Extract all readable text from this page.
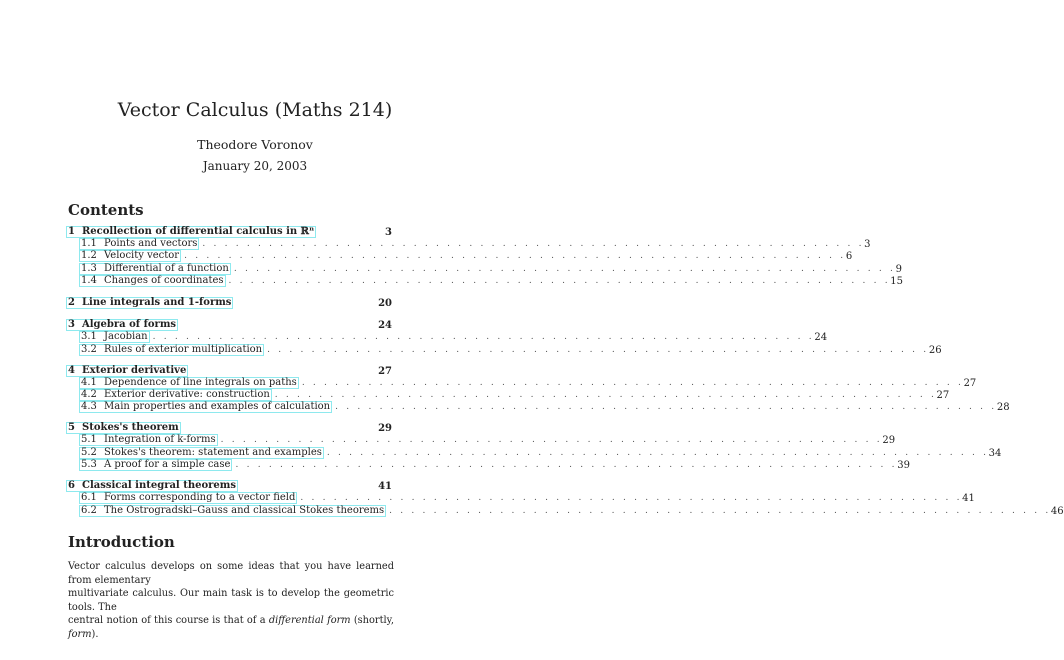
Vector Calculus (Maths 214)
Theodore Voronov
January 20, 2003
Contents
1 Recollection of differential calculus in ℝⁿ	3
1.1 Points and vectors . . . . . . . . . . . . . . . . . . . . . . . . . . . . . . . . . . . . . . . . . . . . . . . . . . . . . . . . . . . . 3
1.2 Velocity vector . . . . . . . . . . . . . . . . . . . . . . . . . . . . . . . . . . . . . . . . . . . . . . . . . . . . . . . . . . . . 6
1.3 Differential of a function . . . . . . . . . . . . . . . . . . . . . . . . . . . . . . . . . . . . . . . . . . . . . . . . . . . . . . . . . . . . 9
1.4 Changes of coordinates . . . . . . . . . . . . . . . . . . . . . . . . . . . . . . . . . . . . . . . . . . . . . . . . . . . . . . . . . . . . 15
2 Line integrals and 1-forms	20
3 Algebra of forms	24
3.1 Jacobian . . . . . . . . . . . . . . . . . . . . . . . . . . . . . . . . . . . . . . . . . . . . . . . . . . . . . . . . . . . . 24
3.2 Rules of exterior multiplication . . . . . . . . . . . . . . . . . . . . . . . . . . . . . . . . . . . . . . . . . . . . . . . . . . . . . . . . . . . . 26
4 Exterior derivative	27
4.1 Dependence of line integrals on paths . . . . . . . . . . . . . . . . . . . . . . . . . . . . . . . . . . . . . . . . . . . . . . . . . . . . . . . . . . . . 27
4.2 Exterior derivative: construction . . . . . . . . . . . . . . . . . . . . . . . . . . . . . . . . . . . . . . . . . . . . . . . . . . . . . . . . . . . . 27
4.3 Main properties and examples of calculation . . . . . . . . . . . . . . . . . . . . . . . . . . . . . . . . . . . . . . . . . . . . . . . . . . . . . . . . . . . . 28
5 Stokes's theorem	29
5.1 Integration of k-forms . . . . . . . . . . . . . . . . . . . . . . . . . . . . . . . . . . . . . . . . . . . . . . . . . . . . . . . . . . . . 29
5.2 Stokes's theorem: statement and examples . . . . . . . . . . . . . . . . . . . . . . . . . . . . . . . . . . . . . . . . . . . . . . . . . . . . . . . . . . . . 34
5.3 A proof for a simple case . . . . . . . . . . . . . . . . . . . . . . . . . . . . . . . . . . . . . . . . . . . . . . . . . . . . . . . . . . . . 39
6 Classical integral theorems	41
6.1 Forms corresponding to a vector field . . . . . . . . . . . . . . . . . . . . . . . . . . . . . . . . . . . . . . . . . . . . . . . . . . . . . . . . . . . . 41
6.2 The Ostrogradski–Gauss and classical Stokes theorems . . . . . . . . . . . . . . . . . . . . . . . . . . . . . . . . . . . . . . . . . . . . . . . . . . . . . . . . . . . . 46
Introduction
Vector calculus develops on some ideas that you have learned from elementary
multivariate calculus. Our main task is to develop the geometric tools. The
central notion of this course is that of a differential form (shortly, form).
